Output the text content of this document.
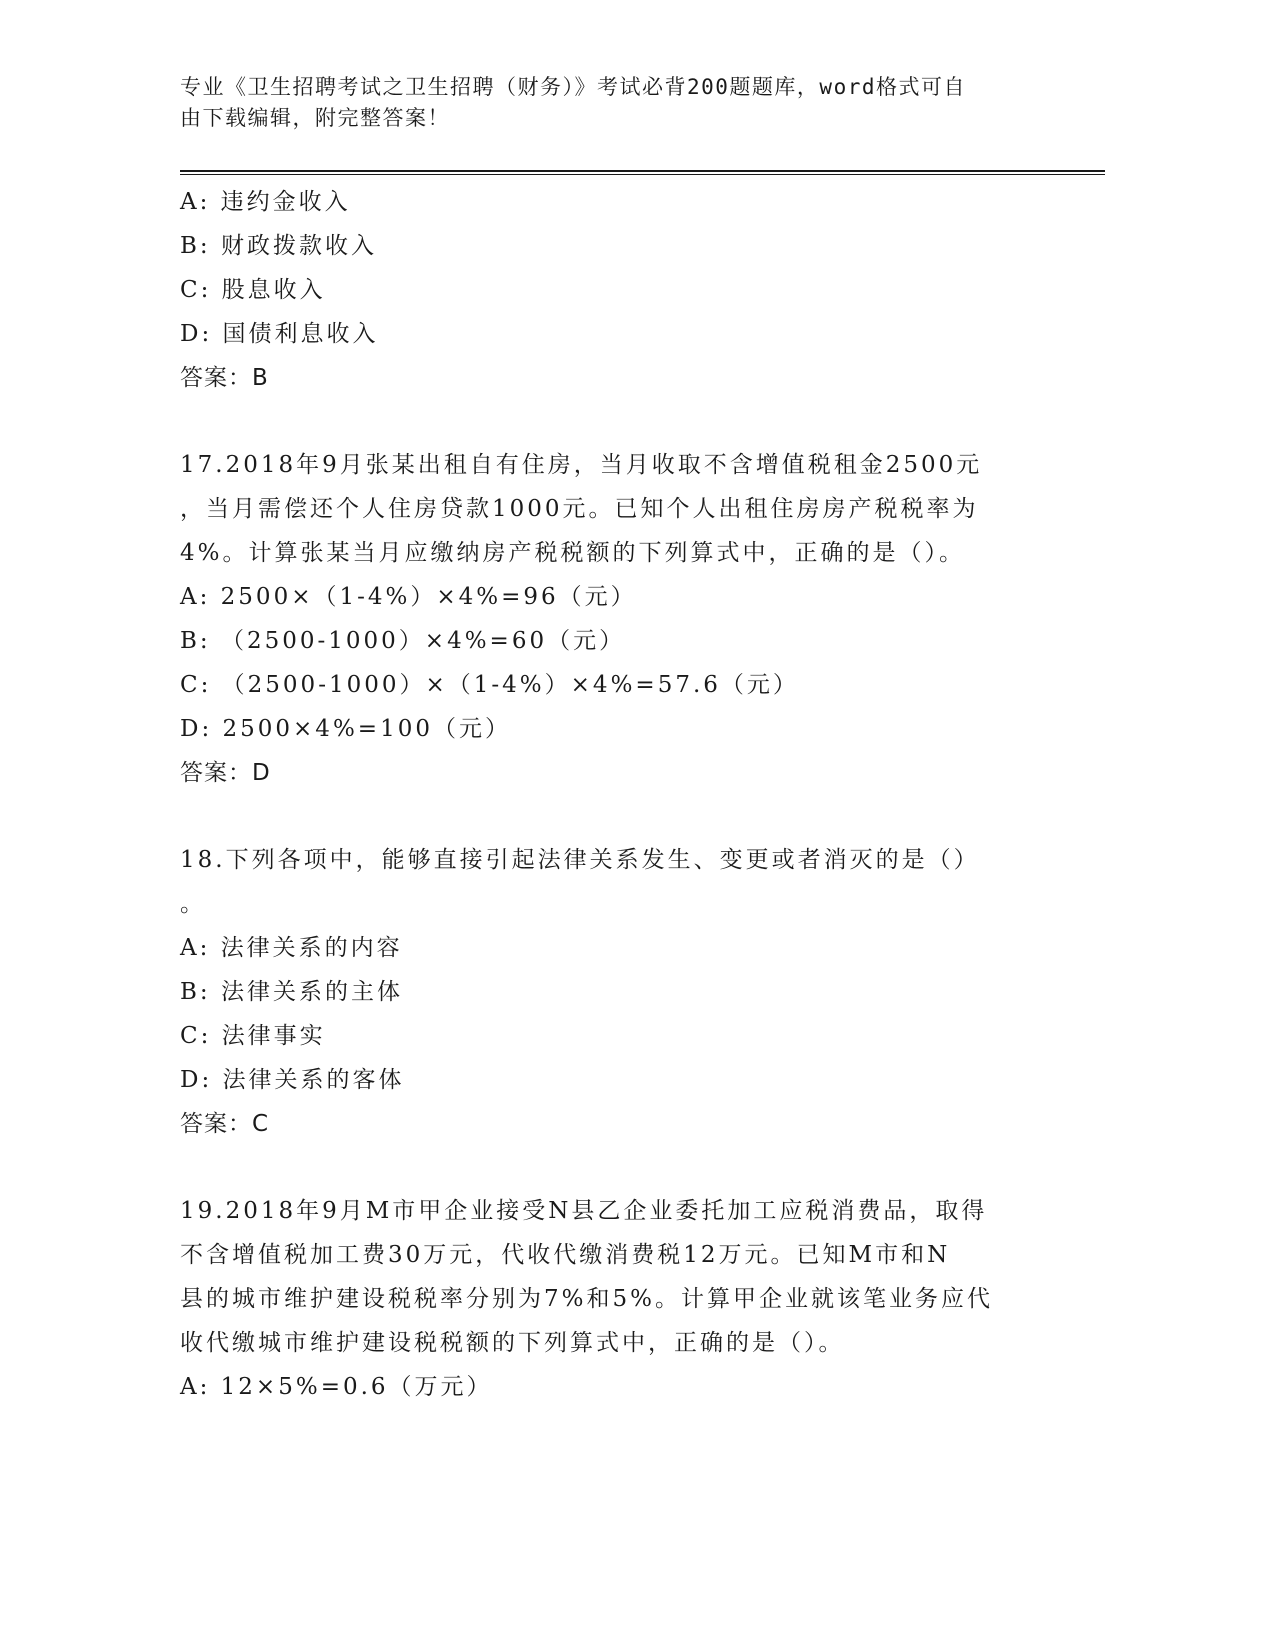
专业《卫生招聘考试之卫生招聘（财务）》考试必背200题题库，word格式可自
由下载编辑，附完整答案！
A: 违约金收入
B: 财政拨款收入
C: 股息收入
D: 国债利息收入
答案：B
17.2018年9月张某出租自有住房，当月收取不含增值税租金2500元
，当月需偿还个人住房贷款1000元。已知个人出租住房房产税税率为
4%。计算张某当月应缴纳房产税税额的下列算式中，正确的是（）。
A: 2500×（1-4%）×4%=96（元）
B: （2500-1000）×4%=60（元）
C: （2500-1000）×（1-4%）×4%=57.6（元）
D: 2500×4%=100（元）
答案：D
18.下列各项中，能够直接引起法律关系发生、变更或者消灭的是（）
。
A: 法律关系的内容
B: 法律关系的主体
C: 法律事实
D: 法律关系的客体
答案：C
19.2018年9月M市甲企业接受N县乙企业委托加工应税消费品，取得
不含增值税加工费30万元，代收代缴消费税12万元。已知M市和N
县的城市维护建设税税率分别为7%和5%。计算甲企业就该笔业务应代
收代缴城市维护建设税税额的下列算式中，正确的是（）。
A: 12×5%=0.6（万元）
